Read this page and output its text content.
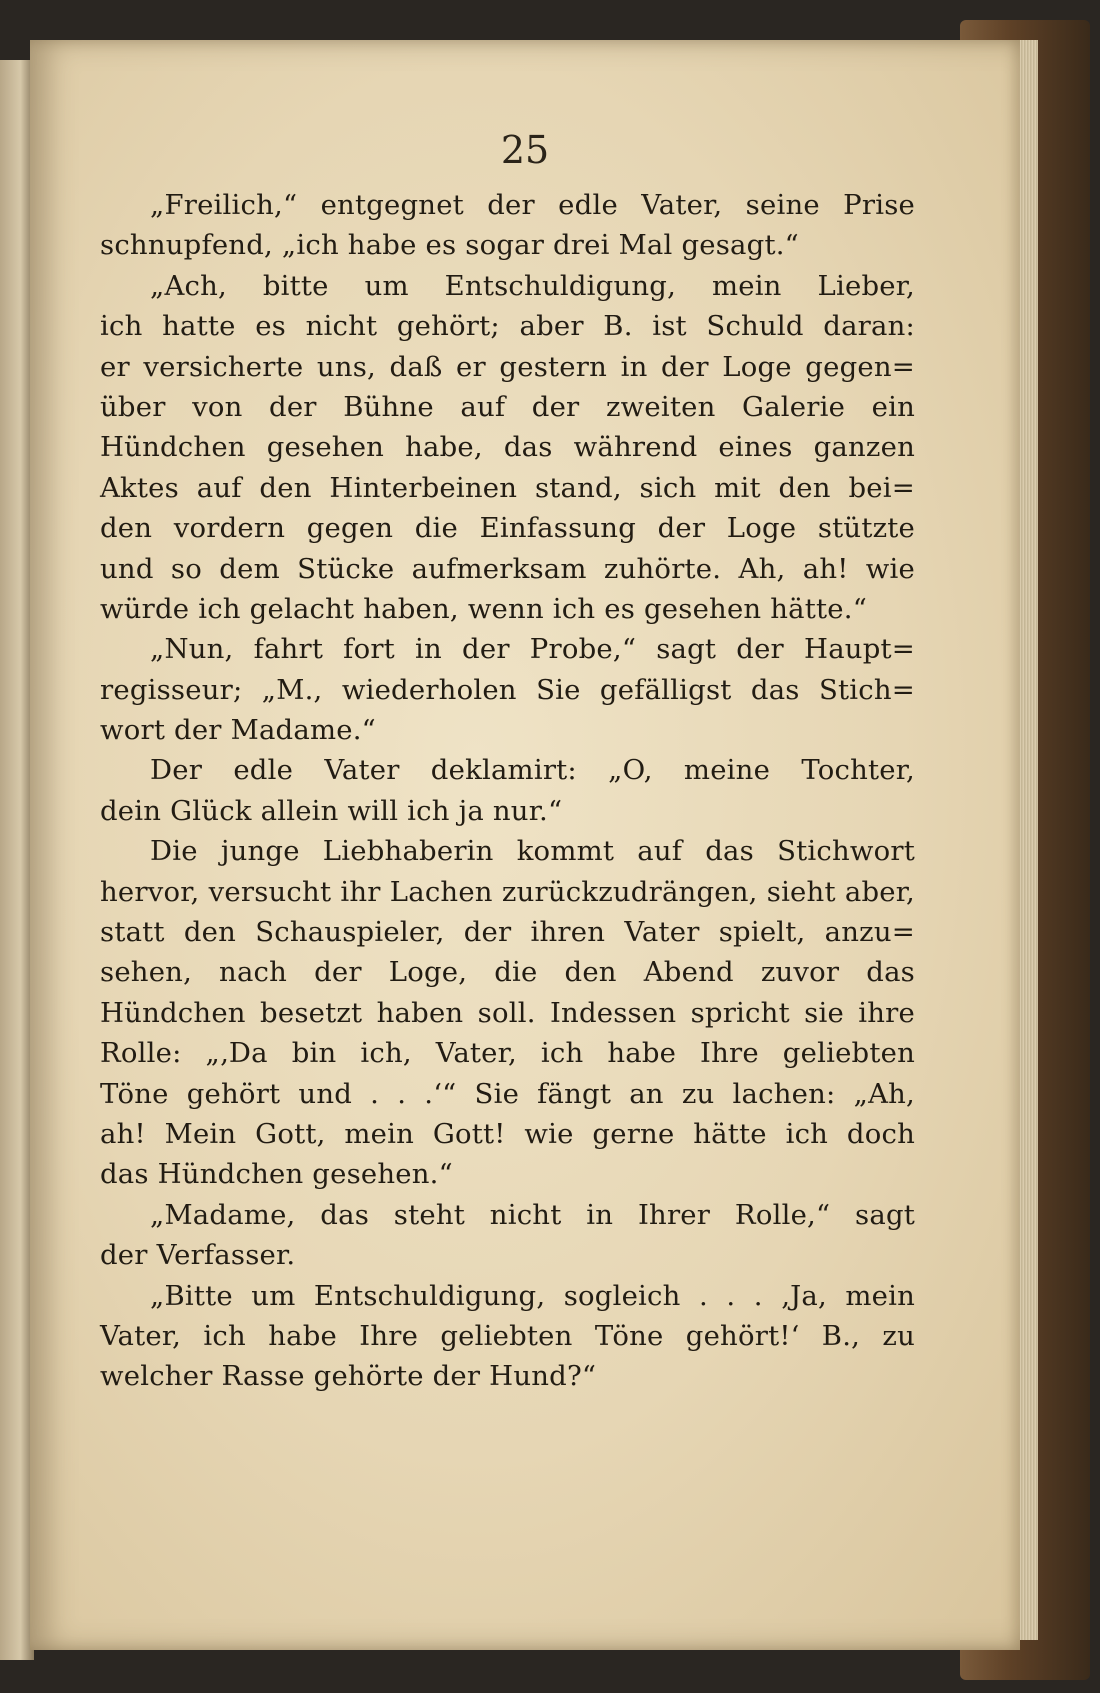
25
„Freilich,“ entgegnet der edle Vater, seine Prise
schnupfend, „ich habe es sogar drei Mal gesagt.“
„Ach, bitte um Entschuldigung, mein Lieber,
ich hatte es nicht gehört; aber B. ist Schuld daran:
er versicherte uns, daß er gestern in der Loge gegen=
über von der Bühne auf der zweiten Galerie ein
Hündchen gesehen habe, das während eines ganzen
Aktes auf den Hinterbeinen stand, sich mit den bei=
den vordern gegen die Einfassung der Loge stützte
und so dem Stücke aufmerksam zuhörte. Ah, ah! wie
würde ich gelacht haben, wenn ich es gesehen hätte.“
„Nun, fahrt fort in der Probe,“ sagt der Haupt=
regisseur; „M., wiederholen Sie gefälligst das Stich=
wort der Madame.“
Der edle Vater deklamirt: „O, meine Tochter,
dein Glück allein will ich ja nur.“
Die junge Liebhaberin kommt auf das Stichwort
hervor, versucht ihr Lachen zurückzudrängen, sieht aber,
statt den Schauspieler, der ihren Vater spielt, anzu=
sehen, nach der Loge, die den Abend zuvor das
Hündchen besetzt haben soll. Indessen spricht sie ihre
Rolle: „‚Da bin ich, Vater, ich habe Ihre geliebten
Töne gehört und . . .‘“ Sie fängt an zu lachen: „Ah,
ah! Mein Gott, mein Gott! wie gerne hätte ich doch
das Hündchen gesehen.“
„Madame, das steht nicht in Ihrer Rolle,“ sagt
der Verfasser.
„Bitte um Entschuldigung, sogleich . . . ‚Ja, mein
Vater, ich habe Ihre geliebten Töne gehört!‘ B., zu
welcher Rasse gehörte der Hund?“
